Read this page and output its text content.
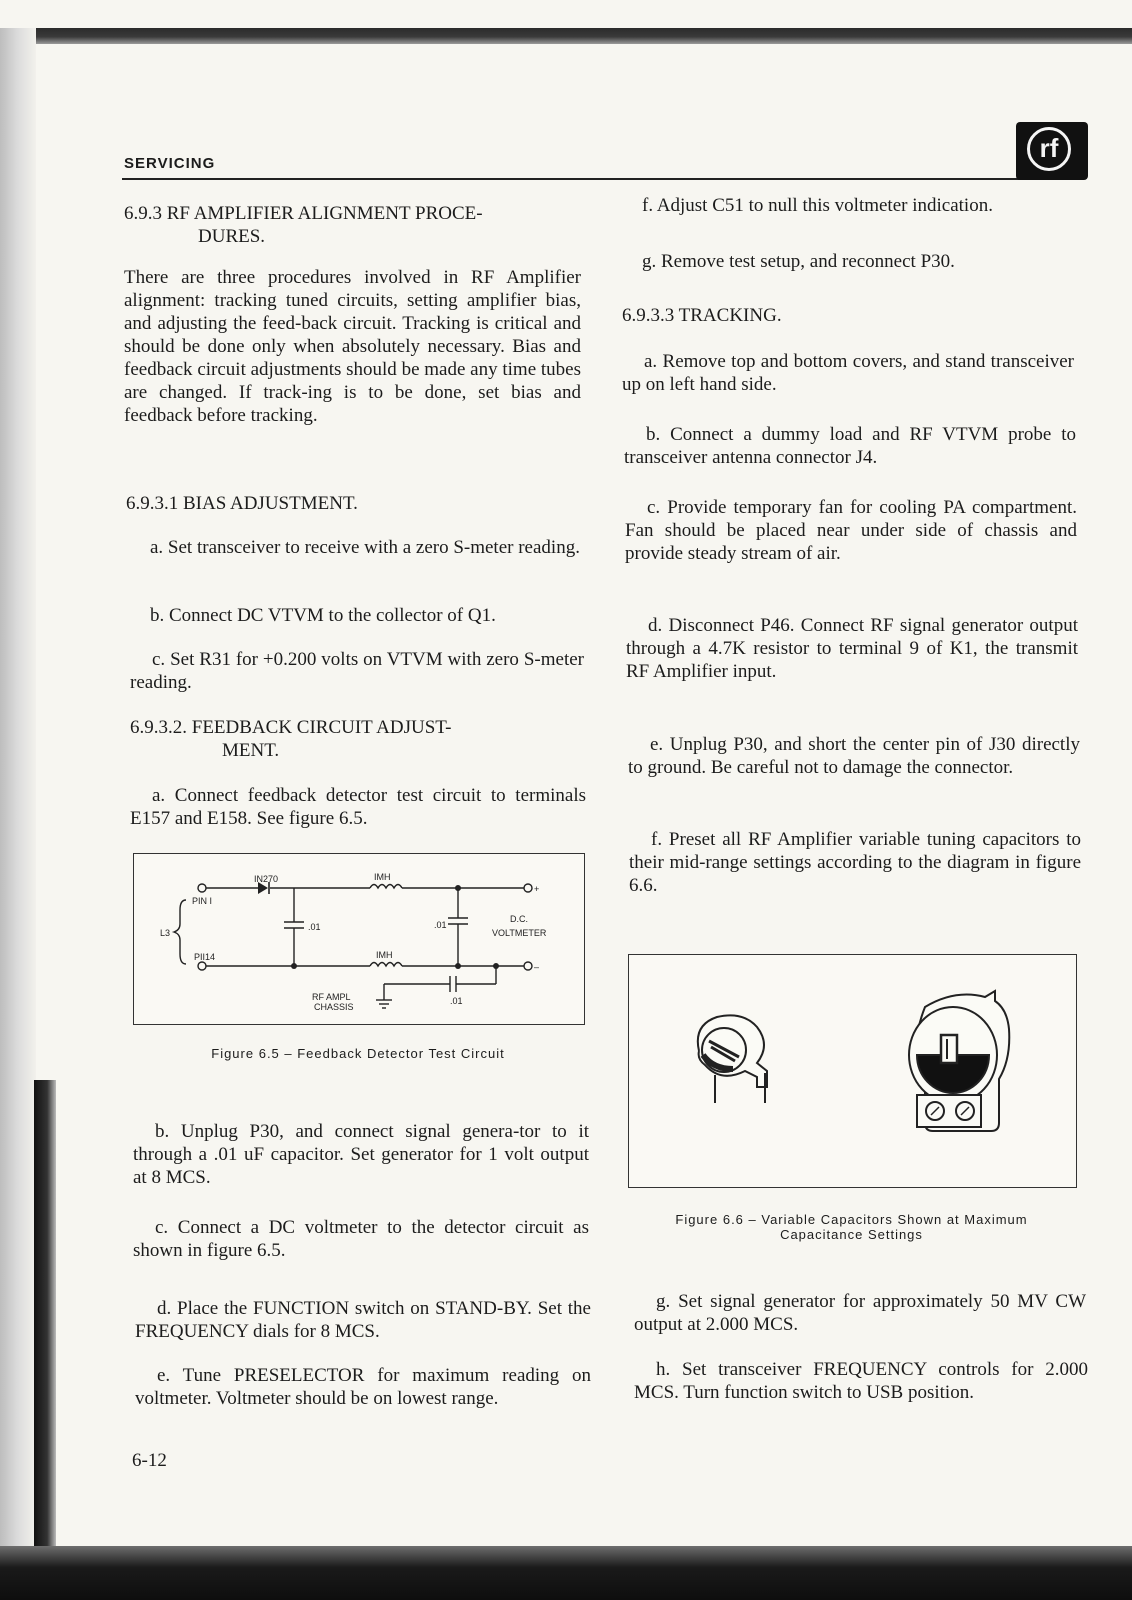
SERVICING
rf
6.9.3 RF AMPLIFIER ALIGNMENT PROCE-
DURES.

There are three procedures involved in RF Amplifier alignment: tracking tuned circuits, setting amplifier bias, and adjusting the feed-back circuit. Tracking is critical and should be done only when absolutely necessary. Bias and feedback circuit adjustments should be made any time tubes are changed. If track-ing is to be done, set bias and feedback before tracking.

6.9.3.1 BIAS ADJUSTMENT.

a. Set transceiver to receive with a zero S-meter reading.

b. Connect DC VTVM to the collector of Q1.

c. Set R31 for +0.200 volts on VTVM with zero S-meter reading.

6.9.3.2. FEEDBACK CIRCUIT ADJUST-
MENT.

a. Connect feedback detector test circuit to terminals E157 and E158. See figure 6.5.

IN270	IMH
IMH
PIN I
PII14
L3
.01	.01
.01
D.C.
VOLTMETER
+
–
RF AMPL
CHASSIS
Figure 6.5 – Feedback Detector Test Circuit

b. Unplug P30, and connect signal genera-tor to it through a .01 uF capacitor. Set generator for 1 volt output at 8 MCS.

c. Connect a DC voltmeter to the detector circuit as shown in figure 6.5.

d. Place the FUNCTION switch on STAND-BY. Set the FREQUENCY dials for 8 MCS.

e. Tune PRESELECTOR for maximum reading on voltmeter. Voltmeter should be on lowest range.

6-12

f. Adjust C51 to null this voltmeter indication.

g. Remove test setup, and reconnect P30.

6.9.3.3 TRACKING.

a. Remove top and bottom covers, and stand transceiver up on left hand side.

b. Connect a dummy load and RF VTVM probe to transceiver antenna connector J4.

c. Provide temporary fan for cooling PA compartment. Fan should be placed near under side of chassis and provide steady stream of air.

d. Disconnect P46. Connect RF signal generator output through a 4.7K resistor to terminal 9 of K1, the transmit RF Amplifier input.

e. Unplug P30, and short the center pin of J30 directly to ground. Be careful not to damage the connector.

f. Preset all RF Amplifier variable tuning capacitors to their mid-range settings according to the diagram in figure 6.6.

Figure 6.6 – Variable Capacitors Shown at Maximum
Capacitance Settings

g. Set signal generator for approximately 50 MV CW output at 2.000 MCS.

h. Set transceiver FREQUENCY controls for 2.000 MCS. Turn function switch to USB position.
